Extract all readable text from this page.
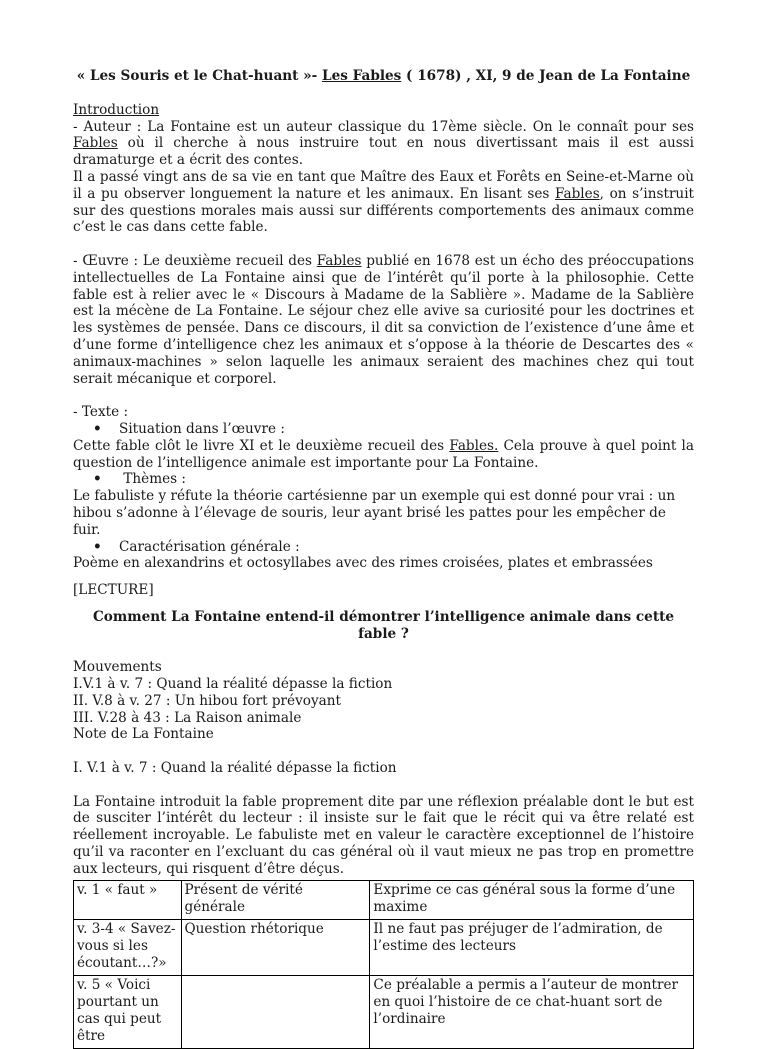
« Les Souris et le Chat-huant »- Les Fables ( 1678) , XI, 9 de Jean de La Fontaine

Introduction

- Auteur : La Fontaine est un auteur classique du 17ème siècle. On le connaît pour ses Fables où il cherche à nous instruire tout en nous divertissant mais il est aussi dramaturge et a écrit des contes.

Il a passé vingt ans de sa vie en tant que Maître des Eaux et Forêts en Seine-et-Marne où il a pu observer longuement la nature et les animaux. En lisant ses Fables, on s’instruit sur des questions morales mais aussi sur différents comportements des animaux comme c’est le cas dans cette fable.

- Œuvre : Le deuxième recueil des Fables publié en 1678 est un écho des préoccupations intellectuelles de La Fontaine ainsi que de l’intérêt qu’il porte à la philosophie. Cette fable est à relier avec le « Discours à Madame de la Sablière ». Madame de la Sablière est la mécène de La Fontaine. Le séjour chez elle avive sa curiosité pour les doctrines et les systèmes de pensée. Dans ce discours, il dit sa conviction de l’existence d’une âme et d’une forme d’intelligence chez les animaux et s’oppose à la théorie de Descartes des « animaux-machines » selon laquelle les animaux seraient des machines chez qui tout serait mécanique et corporel.

- Texte :

• Situation dans l’œuvre :

Cette fable clôt le livre XI et le deuxième recueil des Fables. Cela prouve à quel point la question de l’intelligence animale est importante pour La Fontaine.

• Thèmes :

Le fabuliste y réfute la théorie cartésienne par un exemple qui est donné pour vrai : un hibou s’adonne à l’élevage de souris, leur ayant brisé les pattes pour les empêcher de fuir.

• Caractérisation générale :

Poème en alexandrins et octosyllabes avec des rimes croisées, plates et embrassées

[LECTURE]

Comment La Fontaine entend-il démontrer l’intelligence animale dans cette fable ?

Mouvements

I.V.1 à v. 7 : Quand la réalité dépasse la fiction

II. V.8 à v. 27 : Un hibou fort prévoyant

III. V.28 à 43 : La Raison animale

Note de La Fontaine

I. V.1 à v. 7 : Quand la réalité dépasse la fiction

La Fontaine introduit la fable proprement dite par une réflexion préalable dont le but est de susciter l’intérêt du lecteur : il insiste sur le fait que le récit qui va être relaté est réellement incroyable. Le fabuliste met en valeur le caractère exceptionnel de l’histoire qu’il va raconter en l’excluant du cas général où il vaut mieux ne pas trop en promettre aux lecteurs, qui risquent d’être déçus.

v. 1 « faut »	Présent de vérité générale	Exprime ce cas général sous la forme d’une maxime
v. 3-4 « Savez-vous si les écoutant…?»	Question rhétorique	Il ne faut pas préjuger de l’admiration, de l’estime des lecteurs
v. 5 « Voici pourtant un cas qui peut être		Ce préalable a permis a l’auteur de montrer en quoi l’histoire de ce chat-huant sort de l’ordinaire
